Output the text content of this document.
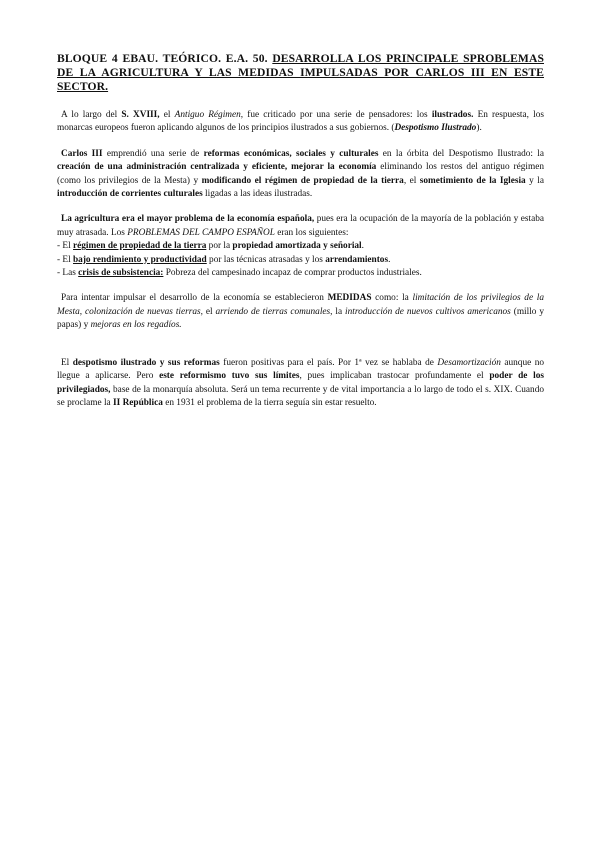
BLOQUE 4 EBAU. TEÓRICO. E.A. 50. DESARROLLA LOS PRINCIPALE SPROBLEMAS DE LA AGRICULTURA Y LAS MEDIDAS IMPULSADAS POR CARLOS III EN ESTE SECTOR.
A lo largo del S. XVIII, el Antiguo Régimen, fue criticado por una serie de pensadores: los ilustrados. En respuesta, los monarcas europeos fueron aplicando algunos de los principios ilustrados a sus gobiernos. (Despotismo Ilustrado).
Carlos III emprendió una serie de reformas económicas, sociales y culturales en la órbita del Despotismo Ilustrado: la creación de una administración centralizada y eficiente, mejorar la economía eliminando los restos del antiguo régimen (como los privilegios de la Mesta) y modificando el régimen de propiedad de la tierra, el sometimiento de la Iglesia y la introducción de corrientes culturales ligadas a las ideas ilustradas.
La agricultura era el mayor problema de la economía española, pues era la ocupación de la mayoría de la población y estaba muy atrasada. Los PROBLEMAS DEL CAMPO ESPAÑOL eran los siguientes:
- El régimen de propiedad de la tierra por la propiedad amortizada y señorial.
- El bajo rendimiento y productividad por las técnicas atrasadas y los arrendamientos.
- Las crisis de subsistencia: Pobreza del campesinado incapaz de comprar productos industriales.
Para intentar impulsar el desarrollo de la economía se establecieron MEDIDAS como: la limitación de los privilegios de la Mesta, colonización de nuevas tierras, el arriendo de tierras comunales, la introducción de nuevos cultivos americanos (millo y papas) y mejoras en los regadíos.
El despotismo ilustrado y sus reformas fueron positivas para el país. Por 1ª vez se hablaba de Desamortización aunque no llegue a aplicarse. Pero este reformismo tuvo sus límites, pues implicaban trastocar profundamente el poder de los privilegiados, base de la monarquía absoluta. Será un tema recurrente y de vital importancia a lo largo de todo el s. XIX. Cuando se proclame la II República en 1931 el problema de la tierra seguía sin estar resuelto.
